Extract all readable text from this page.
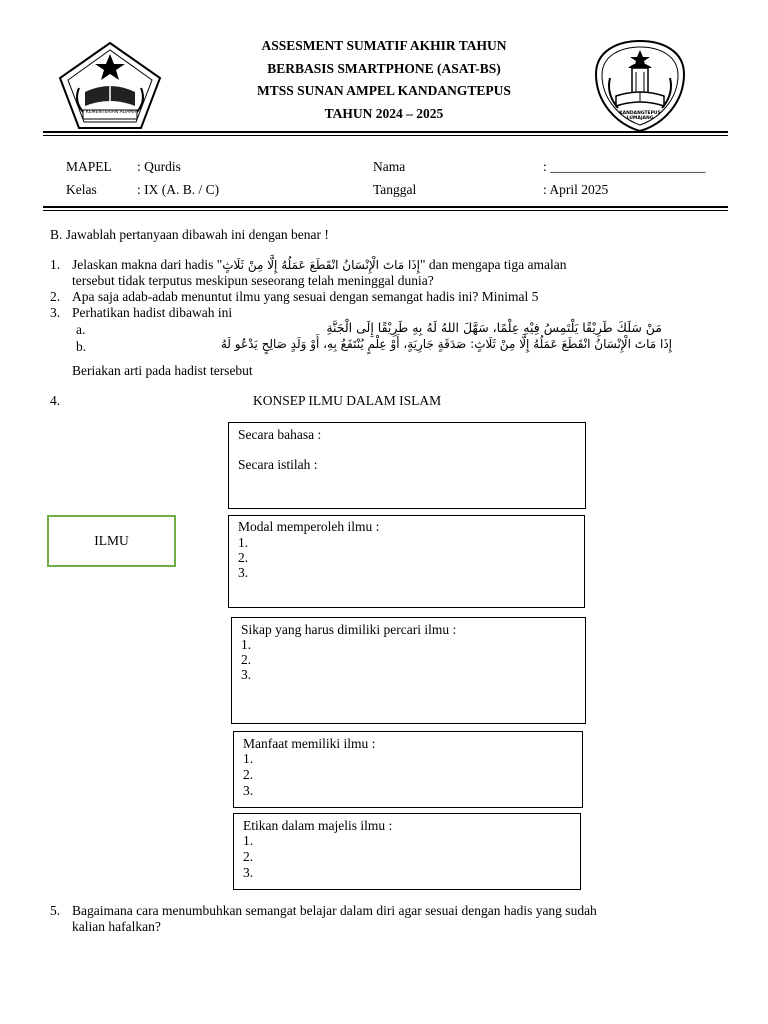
KEMENTERIAN AGAMA	KANDANGTEPUS LUMAJANG
ASSESMENT SUMATIF AKHIR TAHUN
BERBASIS SMARTPHONE (ASAT-BS)
MTSS SUNAN AMPEL KANDANGTEPUS
TAHUN 2024 – 2025
MAPEL : Qurdis	Nama	: _______________________
Kelas	: IX (A. B. / C)	Tanggal	: April 2025
B. Jawablah pertanyaan dibawah ini dengan benar !
1. Jelaskan makna dari hadis "إِذَا مَاتَ الْإِنْسَانُ انْقَطَعَ عَمَلُهُ إِلَّا مِنْ ثَلَاثٍ" dan mengapa tiga amalan
tersebut tidak terputus meskipun seseorang telah meninggal dunia?
2. Apa saja adab-adab menuntut ilmu yang sesuai dengan semangat hadis ini? Minimal 5
3. Perhatikan hadist dibawah ini
a.	مَنْ سَلَكَ طَرِيْقًا يَلْتَمِسُ فِيْهِ عِلْمًا، سَهَّلَ اللهُ لَهُ بِهِ طَرِيْقًا إِلَى الْجَنَّةِ
b.	إِذَا مَاتَ الْإِنْسَانُ انْقَطَعَ عَمَلُهُ إِلَّا مِنْ ثَلَاثٍ: صَدَقَةٍ جَارِيَةٍ، أَوْ عِلْمٍ يُنْتَفَعُ بِهِ، أَوْ وَلَدٍ صَالِحٍ يَدْعُو لَهُ
Beriakan arti pada hadist tersebut
4.	KONSEP ILMU DALAM ISLAM
ILMU
Secara bahasa :
Secara istilah :
Modal memperoleh ilmu :
1.
2.
3.
Sikap yang harus dimiliki percari ilmu :
1.
2.
3.
Manfaat memiliki ilmu :
1.
2.
3.
Etikan dalam majelis ilmu :
1.
2.
3.
5. Bagaimana cara menumbuhkan semangat belajar dalam diri agar sesuai dengan hadis yang sudah
kalian hafalkan?
